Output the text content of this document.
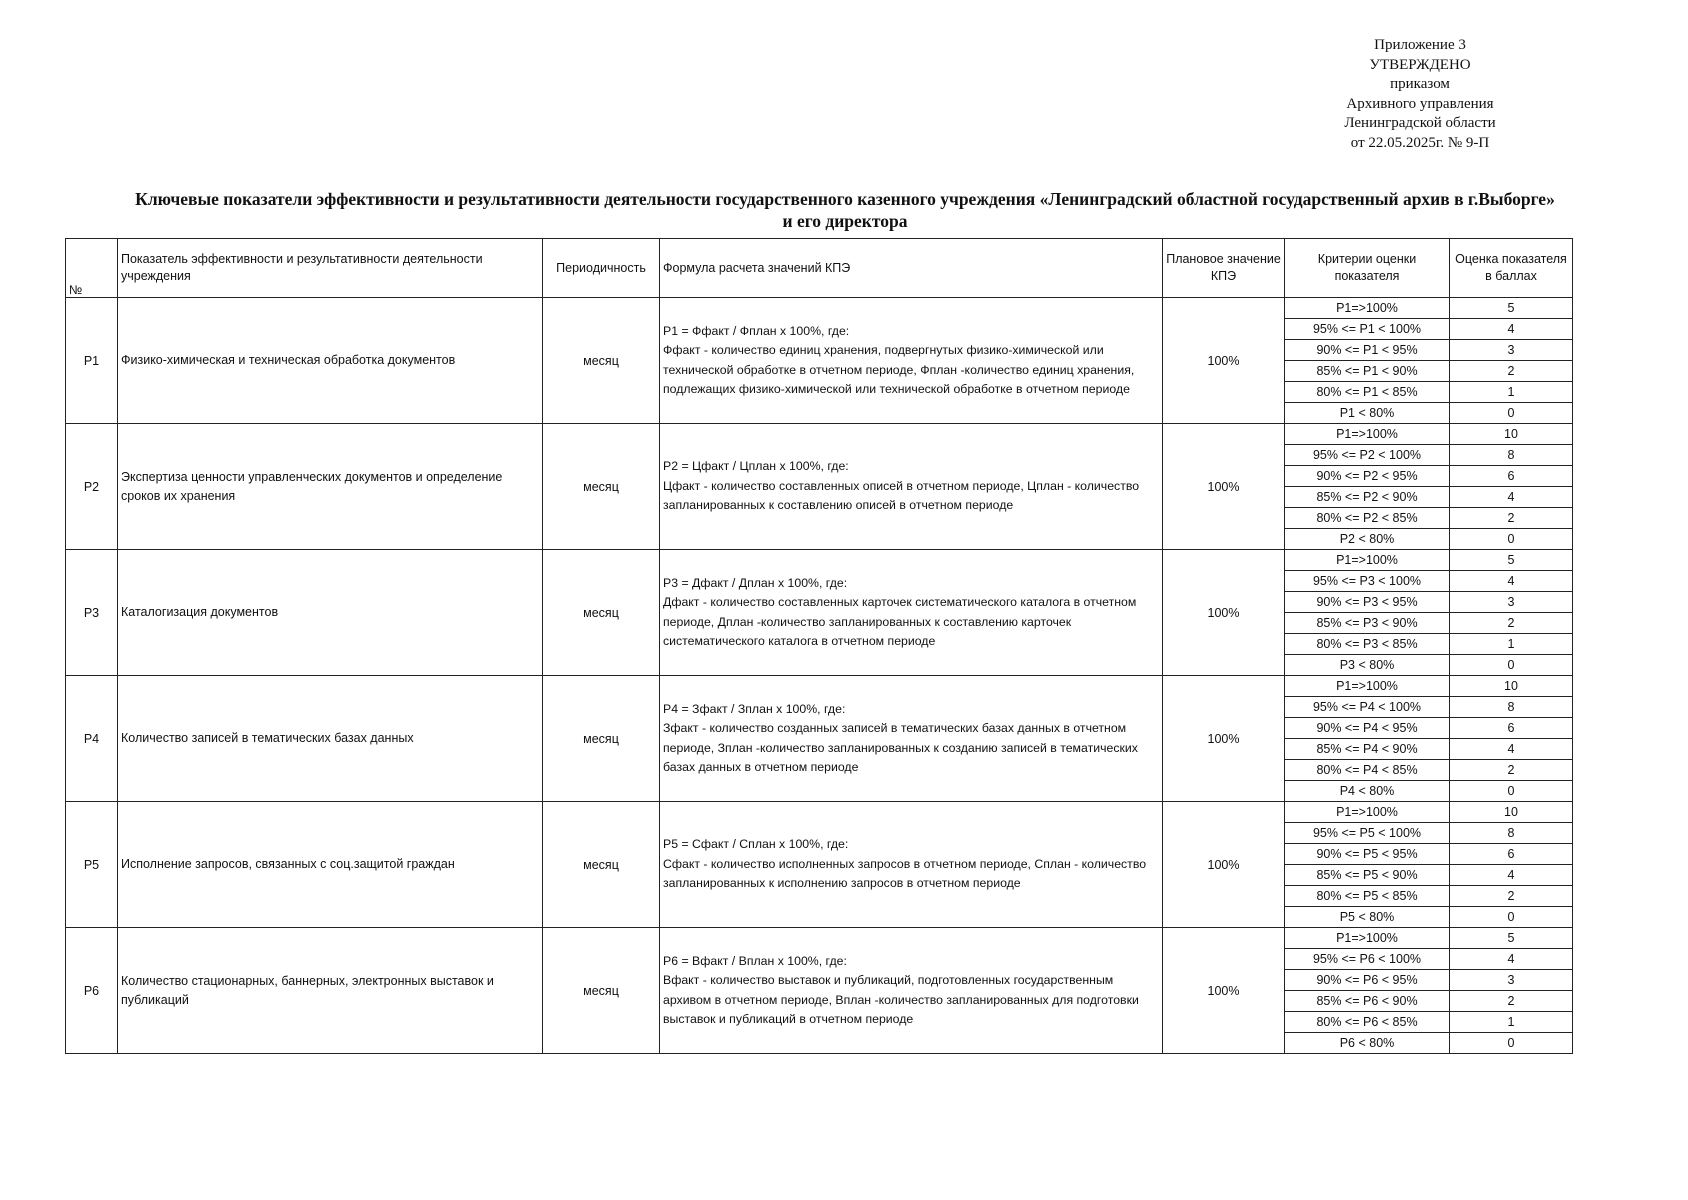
Приложение 3
УТВЕРЖДЕНО
приказом
Архивного управления
Ленинградской области
от 22.05.2025г. № 9-П
Ключевые показатели эффективности и результативности деятельности государственного казенного учреждения «Ленинградский областной государственный архив в г.Выборге»
и его директора
№	Показатель эффективности и результативности деятельности учреждения	Периодичность	Формула расчета значений КПЭ	Плановое значение КПЭ	Критерии оценки показателя	Оценка показателя в баллах
P1	Физико-химическая и техническая обработка документов	месяц	P1 = Ффакт / Фплан х 100%, где:
Ффакт - количество единиц хранения, подвергнутых физико-химической или технической обработке в отчетном периоде, Фплан -количество единиц хранения, подлежащих физико-химической или технической обработке в отчетном периоде	100%	P1=>100%	5
					95% <= P1 < 100%	4
					90% <= P1 < 95%	3
					85% <= P1 < 90%	2
					80% <= P1 < 85%	1
					P1 < 80%	0
P2	Экспертиза ценности управленческих документов и определение сроков их хранения	месяц	P2 = Цфакт / Цплан х 100%, где:
Цфакт - количество составленных описей в отчетном периоде, Цплан - количество запланированных к составлению описей в отчетном периоде	100%	P1=>100%	10
					95% <= P2 < 100%	8
					90% <= P2 < 95%	6
					85% <= P2 < 90%	4
					80% <= P2 < 85%	2
					P2 < 80%	0
P3	Каталогизация документов	месяц	P3 = Дфакт / Дплан х 100%, где:
Дфакт - количество составленных карточек систематического каталога в отчетном периоде, Дплан -количество запланированных к составлению карточек систематического каталога в отчетном периоде	100%	P1=>100%	5
					95% <= P3 < 100%	4
					90% <= P3 < 95%	3
					85% <= P3 < 90%	2
					80% <= P3 < 85%	1
					P3 < 80%	0
P4	Количество записей в тематических базах данных	месяц	P4 = Зфакт / Зплан х 100%, где:
Зфакт - количество созданных записей в тематических базах данных в отчетном периоде, Зплан -количество запланированных к созданию записей в тематических базах данных в отчетном периоде	100%	P1=>100%	10
					95% <= P4 < 100%	8
					90% <= P4 < 95%	6
					85% <= P4 < 90%	4
					80% <= P4 < 85%	2
					P4 < 80%	0
P5	Исполнение запросов, связанных с соц.защитой граждан	месяц	P5 = Сфакт / Сплан х 100%, где:
Сфакт - количество исполненных запросов в отчетном периоде, Сплан - количество запланированных к исполнению запросов в отчетном периоде	100%	P1=>100%	10
					95% <= P5 < 100%	8
					90% <= P5 < 95%	6
					85% <= P5 < 90%	4
					80% <= P5 < 85%	2
					P5 < 80%	0
P6	Количество стационарных, баннерных, электронных выставок и публикаций	месяц	P6 = Вфакт / Вплан х 100%, где:
Вфакт - количество выставок и публикаций, подготовленных государственным архивом в отчетном периоде, Вплан -количество запланированных для подготовки выставок и публикаций в отчетном периоде	100%	P1=>100%	5
					95% <= P6 < 100%	4
					90% <= P6 < 95%	3
					85% <= P6 < 90%	2
					80% <= P6 < 85%	1
					P6 < 80%	0
